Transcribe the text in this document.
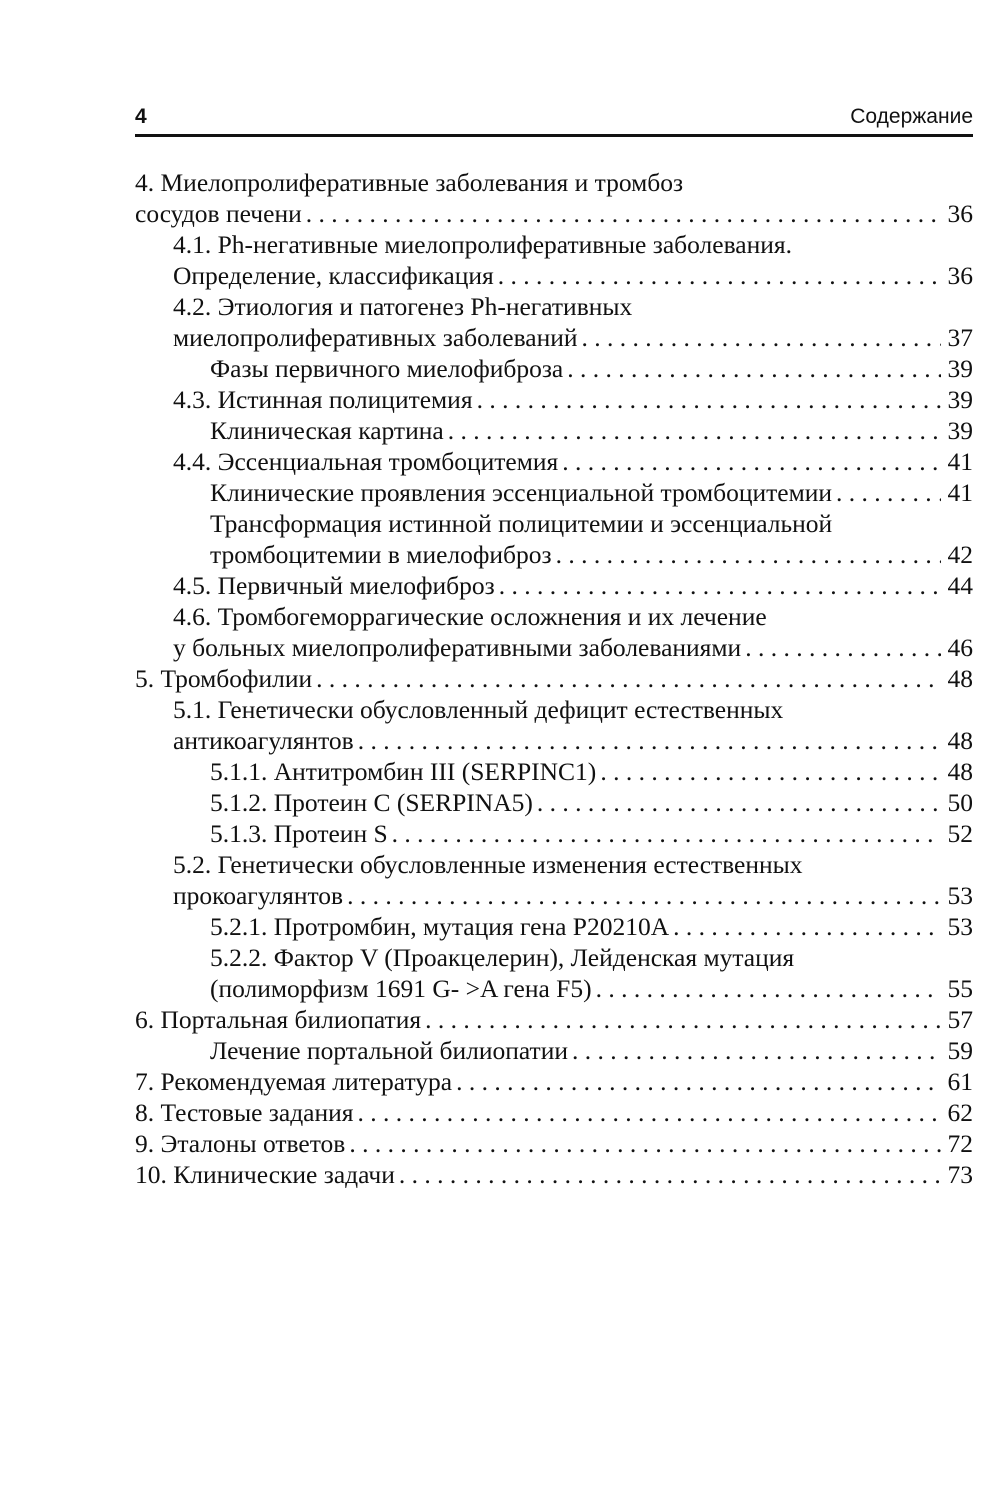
4	Содержание
4. Миелопролиферативные заболевания и тромбоз
сосудов печени . . .	36
4.1. Ph-негативные миелопролиферативные заболевания.
Определение, классификация . . .	36
4.2. Этиология и патогенез Ph-негативных
миелопролиферативных заболеваний . . .	37
Фазы первичного миелофиброза . . .	39
4.3. Истинная полицитемия . . .	39
Клиническая картина . . .	39
4.4. Эссенциальная тромбоцитемия . . .	41
Клинические проявления эссенциальной тромбоцитемии . . .	41
Трансформация истинной полицитемии и эссенциальной
тромбоцитемии в миелофиброз . . .	42
4.5. Первичный миелофиброз . . .	44
4.6. Тромбогеморрагические осложнения и их лечение
у больных миелопролиферативными заболеваниями . . .	46
5. Тромбофилии . . .	48
5.1. Генетически обусловленный дефицит естественных
антикоагулянтов . . .	48
5.1.1. Антитромбин III (SERPINC1) . . .	48
5.1.2. Протеин С (SERPINA5) . . .	50
5.1.3. Протеин S . . .	52
5.2. Генетически обусловленные изменения естественных
прокоагулянтов . . .	53
5.2.1. Протромбин, мутация гена P20210A . . .	53
5.2.2. Фактор V (Проакцелерин), Лейденская мутация
(полиморфизм 1691 G- >A гена F5) . . .	55
6. Портальная билиопатия . . .	57
Лечение портальной билиопатии . . .	59
7. Рекомендуемая литература . . .	61
8. Тестовые задания . . .	62
9. Эталоны ответов . . .	72
10. Клинические задачи . . .	73
